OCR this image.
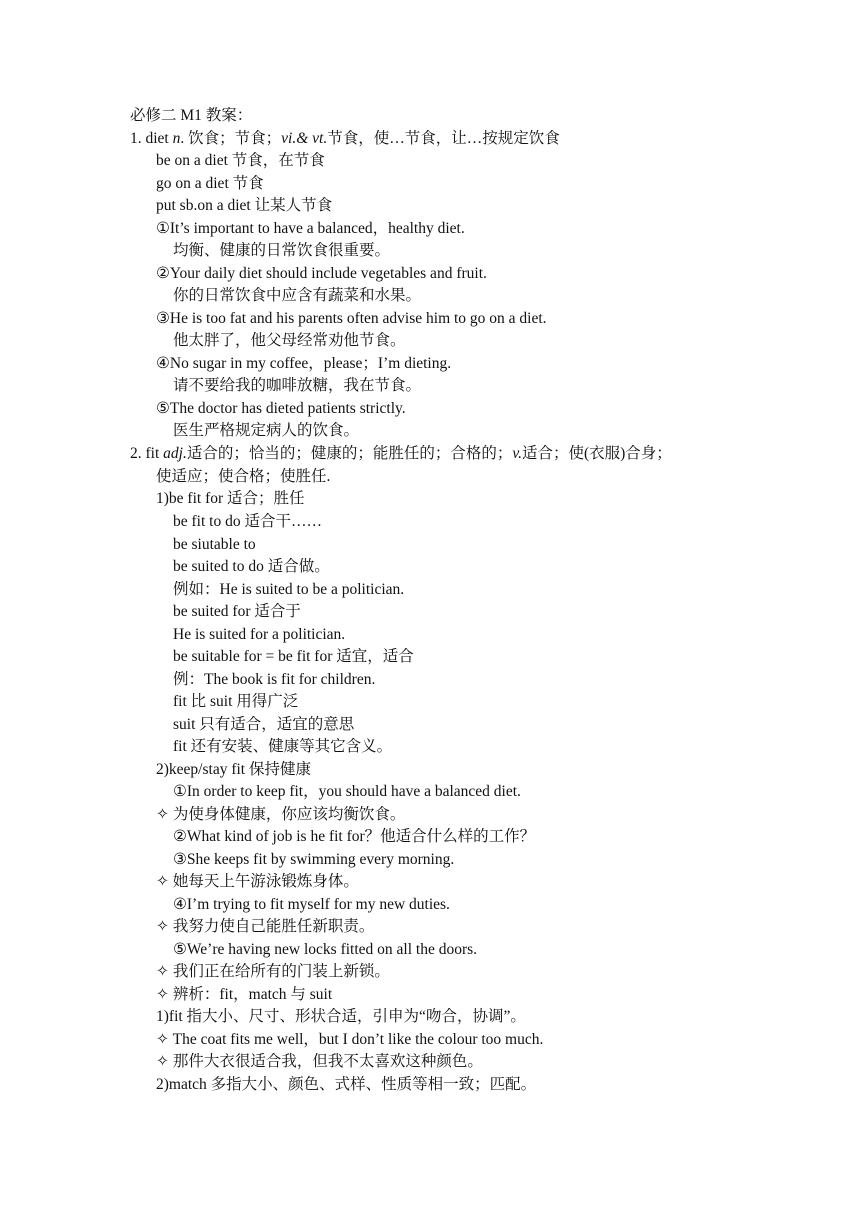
必修二 M1 教案：
1. diet n. 饮食；节食；vi.& vt.节食，使…节食，让…按规定饮食
be on a diet 节食，在节食
go on a diet 节食
put sb.on a diet 让某人节食
①It’s important to have a balanced，healthy diet.
均衡、健康的日常饮食很重要。
②Your daily diet should include vegetables and fruit.
你的日常饮食中应含有蔬菜和水果。
③He is too fat and his parents often advise him to go on a diet.
他太胖了，他父母经常劝他节食。
④No sugar in my coffee，please；I’m dieting.
请不要给我的咖啡放糖，我在节食。
⑤The doctor has dieted patients strictly.
医生严格规定病人的饮食。
2. fit adj.适合的；恰当的；健康的；能胜任的；合格的；v.适合；使(衣服)合身；
使适应；使合格；使胜任.
1)be fit for 适合；胜任
be fit to do 适合干……
be siutable to
be suited to do 适合做。
例如：He is suited to be a politician.
be suited for 适合于
He is suited for a politician.
be suitable for = be fit for 适宜，适合
例：The book is fit for children.
fit 比 suit 用得广泛
suit 只有适合，适宜的意思
fit 还有安装、健康等其它含义。
2)keep/stay fit 保持健康
①In order to keep fit，you should have a balanced diet.
✧ 为使身体健康，你应该均衡饮食。
②What kind of job is he fit for？他适合什么样的工作？
③She keeps fit by swimming every morning.
✧ 她每天上午游泳锻炼身体。
④I’m trying to fit myself for my new duties.
✧ 我努力使自己能胜任新职责。
⑤We’re having new locks fitted on all the doors.
✧ 我们正在给所有的门装上新锁。
✧ 辨析：fit，match 与 suit
1)fit 指大小、尺寸、形状合适，引申为“吻合，协调”。
✧ The coat fits me well，but I don’t like the colour too much.
✧ 那件大衣很适合我，但我不太喜欢这种颜色。
2)match 多指大小、颜色、式样、性质等相一致；匹配。
